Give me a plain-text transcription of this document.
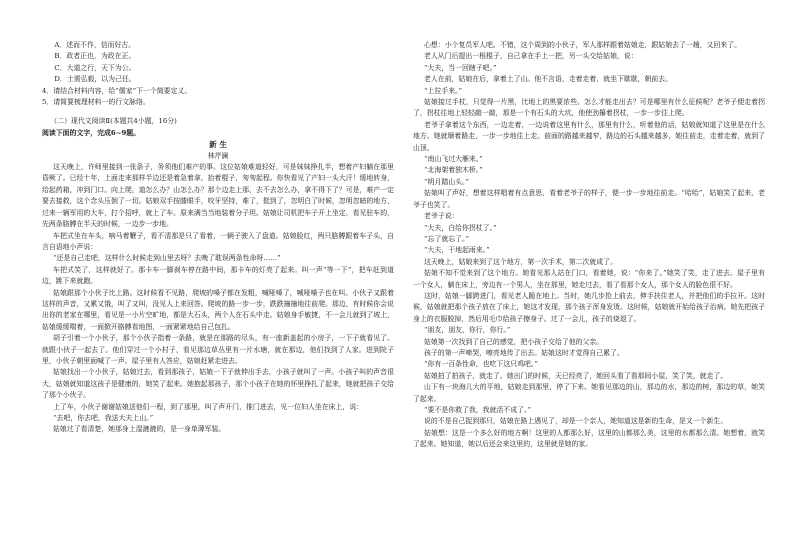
A．述而不作，信而好古。
B．政者正也，为政在正。
C．大道之行，天下为公。
D．士需弘毅，以为己任。
4．请结合材料内容，给“儒家”下一个简要定义。
5．请简要梳理材料一的行文脉络。
（二）现代文阅读Ⅱ(本题共4小题，16分)
阅读下面的文字，完成6~9题。
新 生
林芹澜

这天晚上，许师里接到一张条子，务须他们难产的事。这位姑娘难道轻好，可是妹妹挣扎半，想着产妇躺在那里昏厥了。已经十年，上面走来那样半边还是着急着拿，抬着棍子，匆匆起程。你快看见了产妇一头大汗！缓地转身，给起药箱，冲到门口。向上爬，道怎么办？山怎么办？那个边走上那，去不去怎么办，拿不得下了？可是，难产一定要去接救，这个念头压倒了一切。姑娘双手按膝眼手，咬牙坚持，难了，挺到了，忽明白了时候，忽明忽暗的地方，过来一辆军用的大车，打个招呼，就上了车。原来满当当地装着分子坦。姑娘让司机把车子开上坐定，看见驻车的，先两条胳膊在半天的时候，一边步一步地。

车把式坐在车头，响马着鞭子，看不清那是只了看着，一辆子驶入了盘道。姑娘脸红，两只胳膊跟着车子头，自言自语地小声说：

“还是自己走吧，这样什么时候走到山里去呀？去晚了耽误两条性命呀……”

车把式笑了，这样就好了。那卡车一脚刹车停在路中间，那卡车的灯亮了起来。叫一声“等一下”，把车赶到道边，跳下来就跑。

姑娘跟那个小伙子比上路。这时候看不见路，爬坡的嗓子都在发粗，喊哑嗓了，喊哑嗓子也在叫。小伙子又跟着这样的声音，又累又饿，叫了又叫，没见人上来回答。爬坡的路一步一步，跌跌撞撞地往前爬。那边，有时候你会说出你的老家在哪里，看见是一小片空旷地，都是大石头，两个人在石头中走。姑娘身手敏捷，不一会儿就到了坡上，姑娘缓缓喘着，一面掀开胳膊看地图，一面紧紧地给自己包扎。

胡子引着一个小伙子，那个小伙子指着一条路，就是在那路的尽头，有一座新盖起的小房子，一下子就看见了。就跟小伙子一起去了。他们穿过一个小村子，看见那边草丛里有一片水塘，就在那边，他们找到了人家。进到院子里，小伙子朝里面喊了一声。屋子里有人答应，姑娘赶紧走进去。

姑娘找出一个小伙子，姑娘过去，看到那孩子，姑娘一下子就伸出手去，小孩子就叫了一声。小孩子叫的声音很大，姑娘就知道这孩子是健康的，她笑了起来。她抱起那孩子，那个小孩子在她的怀里挣扎了起来，她就把孩子交给了那个小伙子。

上了车，小伙子谢谢姑娘送他们一程，到了那里，叫了声开门，推门进去，见一位妇人坐在床上，说：

“去吧，你去吧，我送大夫上山。”

姑娘过了看清楚，她那身上湿漉漉的，是一身单薄军装。

心想：小个复员军人吧。不错，这个周到的小伙子，军人那样跟着姑娘走，跟姑娘去了一趟，又回来了。

老人从门后提出一根棍子，自己拿在手上一把，另一头交给姑娘，说：

“大夫，当一回瞎子吧。”

老人在前，姑娘在后，拿着上了山。他不言语，走着走着，就坐下歇歇，朝前去。

“上拉手来。”

姑娘接过手杖，只觉得一片黑，比地上的黑要浓些。怎么才能走出去？可是哪里有什么征候呢？老爷子便走着拐了，拐杖往地上轻轻敲一敲，那是一个有石头的大坑，他使劲攥着拐杖，一步一步往上爬。

老爷子拿着这个东西，一边走着，一边说着这里有什么，那里有什么，听着他的话，姑娘就知道了这里是在什么地方。她就顺着路走，一步一步地往上走。前面的路越来越窄，路边的石头越来越多，她往前走，走着走着，就到了山顶。

“南山飞过大雁来。”

“北海架着独木桥。”

“明月踏山头。”

姑娘叫了声好，想着这样唱着有点意思，看着老爷子的样子，便一步一步地往前走。“哈哈”，姑娘笑了起来，老爷子也笑了。

老爷子说：

“大夫，白给你拐杖了。”

“忘了就忘了。”

“大夫，干地起雨来。”

这天晚上，姑娘来到了这个地方，第一次手术，第二次就成了。

姑娘不知不觉来到了这个地方。她看见那人站在门口，看着她，说：“你来了。”她笑了笑，走了进去。屋子里有一个女人，躺在床上，旁边有一个男人，坐在那里，她走过去，看了看那个女人，那个女人的脸色很不好。

这时，姑娘一脚跨进门，看见老人跪在地上。当时，她几步抢上前去，伸手扶住老人，并把他们的手拉开。这时候，姑娘就把那个孩子放在了床上，她这才发现，那个孩子浑身发烫。这时候，姑娘就开始给孩子治病。她先把孩子身上的衣服脱掉，然后用毛巾给孩子擦身子。过了一会儿，孩子的烧退了。

“朋友，朋友，你行，你行。”

姑娘第一次找到了自己的感觉，把小孩子交给了他的父亲。

孩子的第一声啼哭，嘹亮地传了出去。姑娘这时才觉得自己累了。

“你有一百条性命，也吃下这只鸡吧。”

姑娘拍了拍孩子，就走了。她出门的时候，天已经亮了，她回头看了看那间小屋，笑了笑，就走了。

山下有一块海儿大的平地，姑娘走到那里，停了下来。她看见那边的山，那边的水，那边的树，那边的草，她笑了起来。

“要不是你救了我，我就活不成了。”

说的不是自己捉到那只，姑娘在路上遇见了，却是一个亲人，她知道这是新的生命，是又一个新生。

姑娘想：这是一个多么好的地方啊！这里的人都那么好，这里的山都那么美，这里的水都那么清。她想着，就笑了起来。她知道，她以后还会来这里的，这里就是她的家。
